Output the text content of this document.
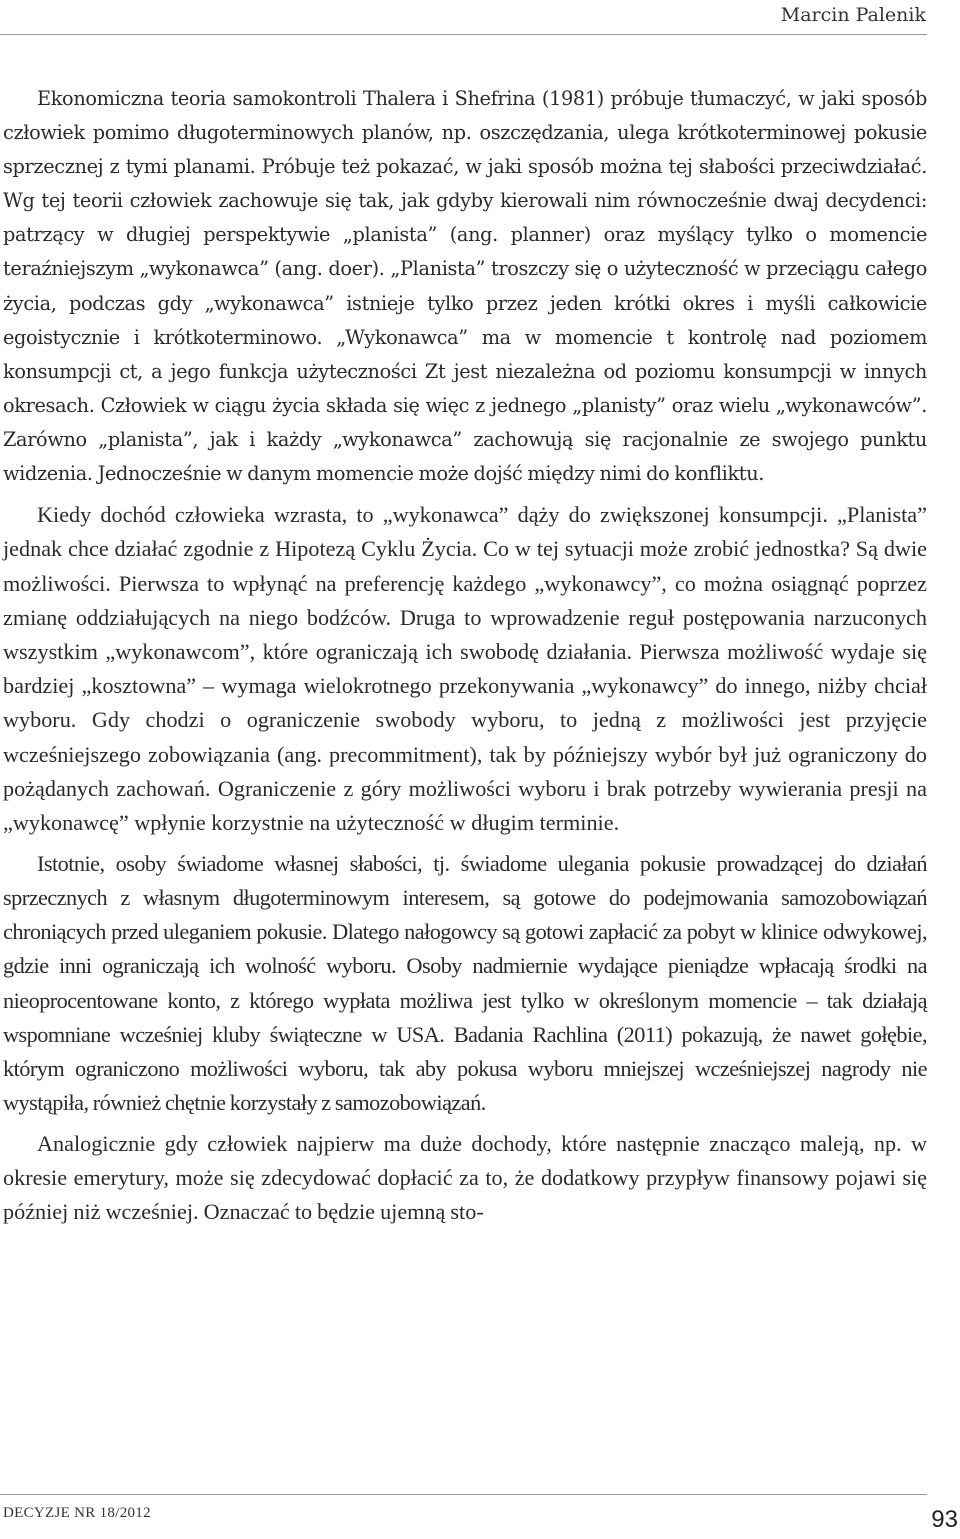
Marcin Palenik

Ekonomiczna teoria samokontroli Thalera i Shefrina (1981) próbuje tłumaczyć, w jaki sposób człowiek pomimo długoterminowych planów, np. oszczędzania, ulega krótkoterminowej pokusie sprzecznej z tymi planami. Próbuje też pokazać, w jaki sposób można tej słabości przeciwdziałać. Wg tej teorii człowiek zachowuje się tak, jak gdyby kierowali nim równocześnie dwaj decydenci: patrzący w długiej perspektywie „planista” (ang. planner) oraz myślący tylko o momencie teraźniejszym „wykonawca” (ang. doer). „Planista” troszczy się o użyteczność w przeciągu całego życia, podczas gdy „wykonawca” istnieje tylko przez jeden krótki okres i myśli całkowicie egoistycznie i krótkoterminowo. „Wykonawca” ma w momencie t kontrolę nad poziomem konsumpcji ct, a jego funkcja użyteczności Zt jest niezależna od poziomu konsumpcji w innych okresach. Człowiek w ciągu życia składa się więc z jednego „planisty” oraz wielu „wykonawców”. Zarówno „planista”, jak i każdy „wykonawca” zachowują się racjonalnie ze swojego punktu widzenia. Jednocześnie w danym momencie może dojść między nimi do konfliktu.

Kiedy dochód człowieka wzrasta, to „wykonawca” dąży do zwiększonej konsumpcji. „Planista” jednak chce działać zgodnie z Hipotezą Cyklu Życia. Co w tej sytuacji może zrobić jednostka? Są dwie możliwości. Pierwsza to wpłynąć na preferencję każdego „wykonawcy”, co można osiągnąć poprzez zmianę oddziałujących na niego bodźców. Druga to wprowadzenie reguł postępowania narzuconych wszystkim „wykonawcom”, które ograniczają ich swobodę działania. Pierwsza możliwość wydaje się bardziej „kosztowna” – wymaga wielokrotnego przekonywania „wykonawcy” do innego, niżby chciał wyboru. Gdy chodzi o ograniczenie swobody wyboru, to jedną z możliwości jest przyjęcie wcześniejszego zobowiązania (ang. precommitment), tak by późniejszy wybór był już ograniczony do pożądanych zachowań. Ograniczenie z góry możliwości wyboru i brak potrzeby wywierania presji na „wykonawcę” wpłynie korzystnie na użyteczność w długim terminie.

Istotnie, osoby świadome własnej słabości, tj. świadome ulegania pokusie prowadzącej do działań sprzecznych z własnym długoterminowym interesem, są gotowe do podejmowania samozobowiązań chroniących przed uleganiem pokusie. Dlatego nałogowcy są gotowi zapłacić za pobyt w klinice odwykowej, gdzie inni ograniczają ich wolność wyboru. Osoby nadmiernie wydające pieniądze wpłacają środki na nieoprocentowane konto, z którego wypłata możliwa jest tylko w określonym momencie – tak działają wspomniane wcześniej kluby świąteczne w USA. Badania Rachlina (2011) pokazują, że nawet gołębie, którym ograniczono możliwości wyboru, tak aby pokusa wyboru mniejszej wcześniejszej nagrody nie wystąpiła, również chętnie korzystały z samozobowiązań.

Analogicznie gdy człowiek najpierw ma duże dochody, które następnie znacząco maleją, np. w okresie emerytury, może się zdecydować dopłacić za to, że dodatkowy przypływ finansowy pojawi się później niż wcześniej. Oznaczać to będzie ujemną sto-

DECYZJE NR 18/2012	93
